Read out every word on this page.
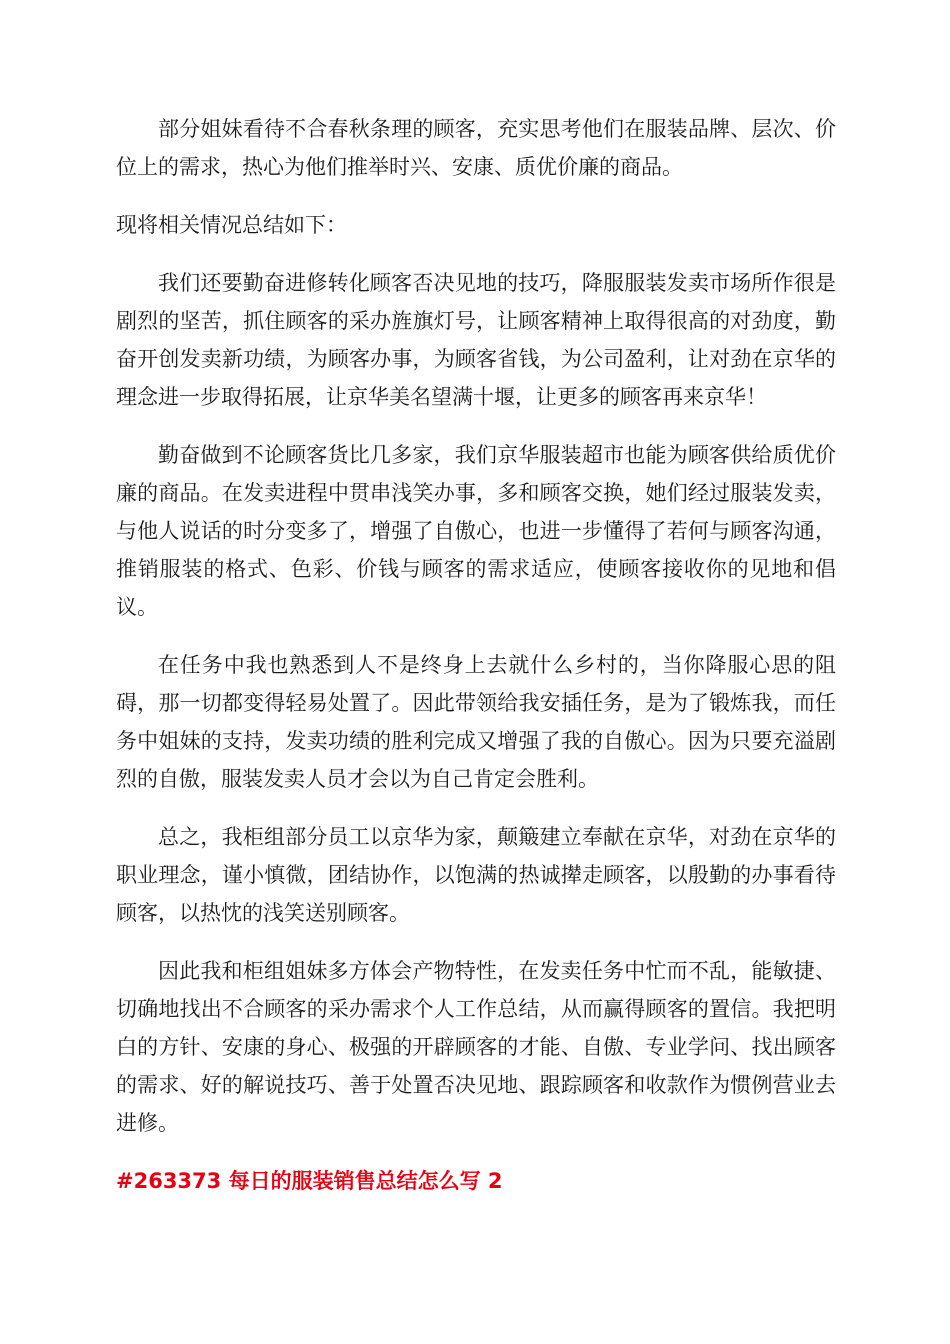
部分姐妹看待不合春秋条理的顾客，充实思考他们在服装品牌、层次、价位上的需求，热心为他们推举时兴、安康、质优价廉的商品。

现将相关情况总结如下：

我们还要勤奋进修转化顾客否决见地的技巧，降服服装发卖市场所作很是剧烈的坚苦，抓住顾客的采办旌旗灯号，让顾客精神上取得很高的对劲度，勤奋开创发卖新功绩，为顾客办事，为顾客省钱，为公司盈利，让对劲在京华的理念进一步取得拓展，让京华美名望满十堰，让更多的顾客再来京华！

勤奋做到不论顾客货比几多家，我们京华服装超市也能为顾客供给质优价廉的商品。在发卖进程中贯串浅笑办事，多和顾客交换，她们经过服装发卖，与他人说话的时分变多了，增强了自傲心，也进一步懂得了若何与顾客沟通，推销服装的格式、色彩、价钱与顾客的需求适应，使顾客接收你的见地和倡议。

在任务中我也熟悉到人不是终身上去就什么乡村的，当你降服心思的阻碍，那一切都变得轻易处置了。因此带领给我安插任务，是为了锻炼我，而任务中姐妹的支持，发卖功绩的胜利完成又增强了我的自傲心。因为只要充溢剧烈的自傲，服装发卖人员才会以为自己肯定会胜利。

总之，我柜组部分员工以京华为家，颠簸建立奉献在京华，对劲在京华的职业理念，谨小慎微，团结协作，以饱满的热诚撵走顾客，以殷勤的办事看待顾客，以热忱的浅笑送别顾客。

因此我和柜组姐妹多方体会产物特性，在发卖任务中忙而不乱，能敏捷、切确地找出不合顾客的采办需求个人工作总结，从而赢得顾客的置信。我把明白的方针、安康的身心、极强的开辟顾客的才能、自傲、专业学问、找出顾客的需求、好的解说技巧、善于处置否决见地、跟踪顾客和收款作为惯例营业去进修。

#263373 每日的服装销售总结怎么写 2
